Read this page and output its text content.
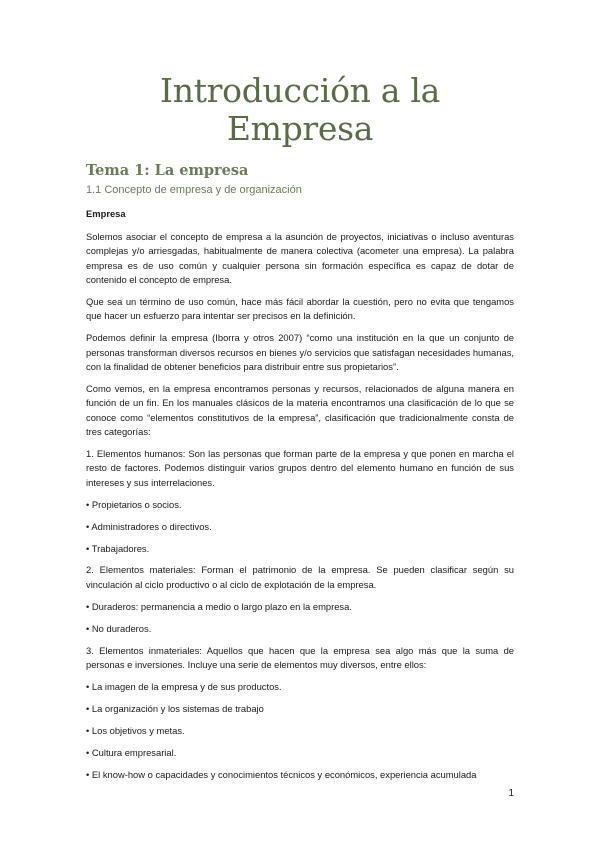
Introducción a la Empresa
Tema 1: La empresa
1.1 Concepto de empresa y de organización
Empresa

Solemos asociar el concepto de empresa a la asunción de proyectos, iniciativas o incluso aventuras complejas y/o arriesgadas, habitualmente de manera colectiva (acometer una empresa). La palabra empresa es de uso común y cualquier persona sin formación específica es capaz de dotar de contenido el concepto de empresa.

Que sea un término de uso común, hace más fácil abordar la cuestión, pero no evita que tengamos que hacer un esfuerzo para intentar ser precisos en la definición.

Podemos definir la empresa (Iborra y otros 2007) “como una institución en la que un conjunto de personas transforman diversos recursos en bienes y/o servicios que satisfagan necesidades humanas, con la finalidad de obtener beneficios para distribuir entre sus propietarios”.

Como vemos, en la empresa encontramos personas y recursos, relacionados de alguna manera en función de un fin. En los manuales clásicos de la materia encontramos una clasificación de lo que se conoce como “elementos constitutivos de la empresa”, clasificación que tradicionalmente consta de tres categorías:

1. Elementos humanos: Son las personas que forman parte de la empresa y que ponen en marcha el resto de factores. Podemos distinguir varios grupos dentro del elemento humano en función de sus intereses y sus interrelaciones.

• Propietarios o socios.

• Administradores o directivos.

• Trabajadores.

2. Elementos materiales: Forman el patrimonio de la empresa. Se pueden clasificar según su vinculación al ciclo productivo o al ciclo de explotación de la empresa.

• Duraderos: permanencia a medio o largo plazo en la empresa.

• No duraderos.

3. Elementos inmateriales: Aquellos que hacen que la empresa sea algo más que la suma de personas e inversiones. Incluye una serie de elementos muy diversos, entre ellos:

• La imagen de la empresa y de sus productos.

• La organización y los sistemas de trabajo

• Los objetivos y metas.

• Cultura empresarial.

• El know-how o capacidades y conocimientos técnicos y económicos, experiencia acumulada

1
